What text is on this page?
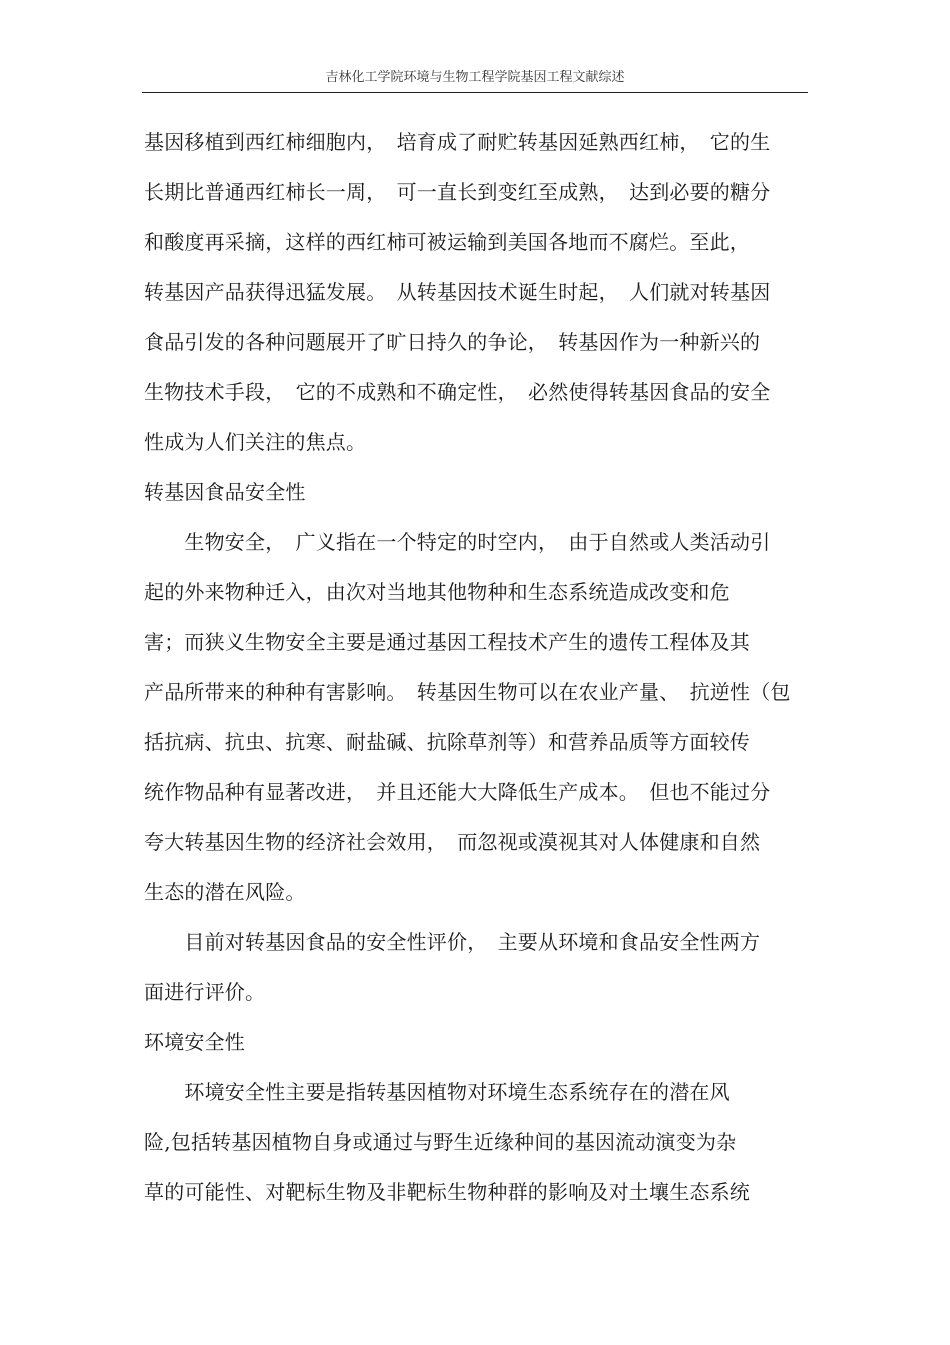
吉林化工学院环境与生物工程学院基因工程文献综述
基因移植到西红柿细胞内，　培育成了耐贮转基因延熟西红柿，　它的生
长期比普通西红柿长一周，　可一直长到变红至成熟，　达到必要的糖分
和酸度再采摘，这样的西红柿可被运输到美国各地而不腐烂。至此，
转基因产品获得迅猛发展。　从转基因技术诞生时起，　人们就对转基因
食品引发的各种问题展开了旷日持久的争论，　转基因作为一种新兴的
生物技术手段，　它的不成熟和不确定性，　必然使得转基因食品的安全
性成为人们关注的焦点。
转基因食品安全性
　　生物安全，　广义指在一个特定的时空内，　由于自然或人类活动引
起的外来物种迁入，由次对当地其他物种和生态系统造成改变和危
害；而狭义生物安全主要是通过基因工程技术产生的遗传工程体及其
产品所带来的种种有害影响。　转基因生物可以在农业产量、　抗逆性（包
括抗病、抗虫、抗寒、耐盐碱、抗除草剂等）和营养品质等方面较传
统作物品种有显著改进，　并且还能大大降低生产成本。　但也不能过分
夸大转基因生物的经济社会效用，　而忽视或漠视其对人体健康和自然
生态的潜在风险。
　　目前对转基因食品的安全性评价，　主要从环境和食品安全性两方
面进行评价。
环境安全性
　　环境安全性主要是指转基因植物对环境生态系统存在的潜在风
险,包括转基因植物自身或通过与野生近缘种间的基因流动演变为杂
草的可能性、对靶标生物及非靶标生物种群的影响及对土壤生态系统
